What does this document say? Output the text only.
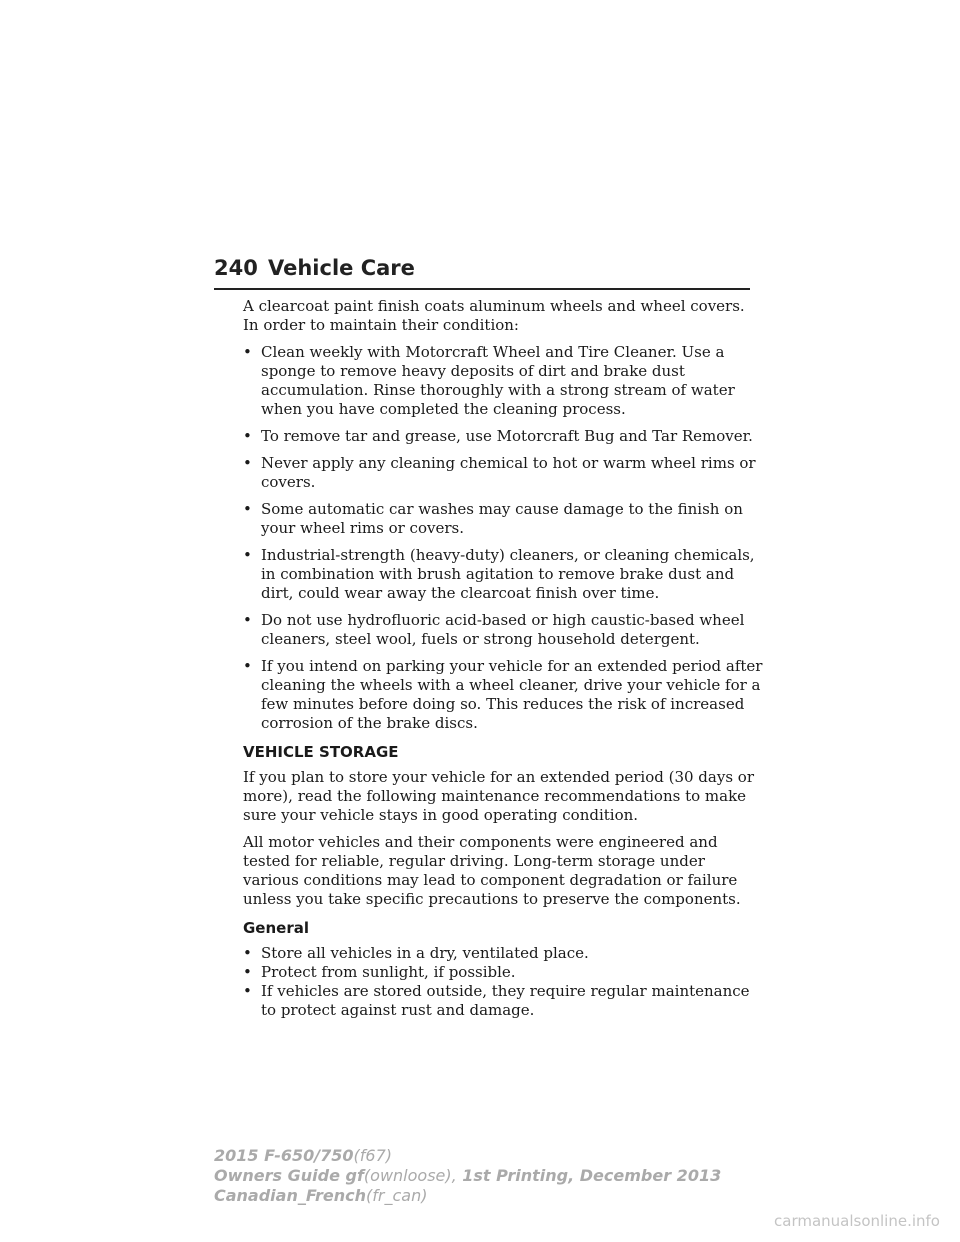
240 Vehicle Care

A clearcoat paint finish coats aluminum wheels and wheel covers. In order to maintain their condition:

• Clean weekly with Motorcraft Wheel and Tire Cleaner. Use a sponge to remove heavy deposits of dirt and brake dust accumulation. Rinse thoroughly with a strong stream of water when you have completed the cleaning process.
• To remove tar and grease, use Motorcraft Bug and Tar Remover.
• Never apply any cleaning chemical to hot or warm wheel rims or covers.
• Some automatic car washes may cause damage to the finish on your wheel rims or covers.
• Industrial-strength (heavy-duty) cleaners, or cleaning chemicals, in combination with brush agitation to remove brake dust and dirt, could wear away the clearcoat finish over time.
• Do not use hydrofluoric acid-based or high caustic-based wheel cleaners, steel wool, fuels or strong household detergent.
• If you intend on parking your vehicle for an extended period after cleaning the wheels with a wheel cleaner, drive your vehicle for a few minutes before doing so. This reduces the risk of increased corrosion of the brake discs.
VEHICLE STORAGE

If you plan to store your vehicle for an extended period (30 days or more), read the following maintenance recommendations to make sure your vehicle stays in good operating condition.

All motor vehicles and their components were engineered and tested for reliable, regular driving. Long-term storage under various conditions may lead to component degradation or failure unless you take specific precautions to preserve the components.

General
• Store all vehicles in a dry, ventilated place.
• Protect from sunlight, if possible.
• If vehicles are stored outside, they require regular maintenance to protect against rust and damage.
2015 F-650/750(f67)
Owners Guide gf(ownloose), 1st Printing, December 2013
Canadian_French(fr_can)
carmanualsonline.info
